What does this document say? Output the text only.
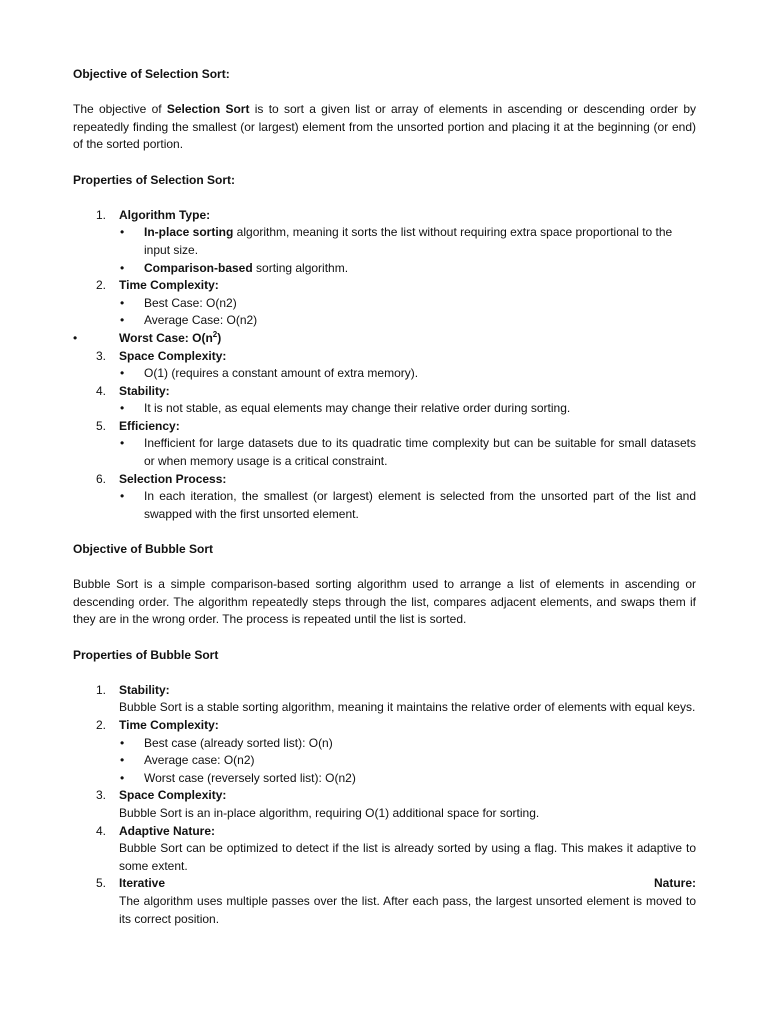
Objective of Selection Sort:

The objective of Selection Sort is to sort a given list or array of elements in ascending or descending order by repeatedly finding the smallest (or largest) element from the unsorted portion and placing it at the beginning (or end) of the sorted portion.

Properties of Selection Sort:

1.	Algorithm Type:
• In-place sorting algorithm, meaning it sorts the list without requiring extra space proportional to the input size.
• Comparison-based sorting algorithm.
2.	Time Complexity:
• Best Case: O(n2)
• Average Case: O(n2)
•	Worst Case: $O(n^2)$
3.	Space Complexity:
• O(1) (requires a constant amount of extra memory).
4.	Stability:
• It is not stable, as equal elements may change their relative order during sorting.
5.	Efficiency:
• Inefficient for large datasets due to its quadratic time complexity but can be suitable for small datasets or when memory usage is a critical constraint.
6.	Selection Process:
• In each iteration, the smallest (or largest) element is selected from the unsorted part of the list and swapped with the first unsorted element.

Objective of Bubble Sort

Bubble Sort is a simple comparison-based sorting algorithm used to arrange a list of elements in ascending or descending order. The algorithm repeatedly steps through the list, compares adjacent elements, and swaps them if they are in the wrong order. The process is repeated until the list is sorted.

Properties of Bubble Sort

1.	Stability:
Bubble Sort is a stable sorting algorithm, meaning it maintains the relative order of elements with equal keys.
2.	Time Complexity:
• Best case (already sorted list): O(n)
• Average case: O(n2)
• Worst case (reversely sorted list): O(n2)
3.	Space Complexity:
Bubble Sort is an in-place algorithm, requiring O(1) additional space for sorting.
4.	Adaptive Nature:
Bubble Sort can be optimized to detect if the list is already sorted by using a flag. This makes it adaptive to some extent.
5.	Iterative	Nature:
The algorithm uses multiple passes over the list. After each pass, the largest unsorted element is moved to its correct position.
